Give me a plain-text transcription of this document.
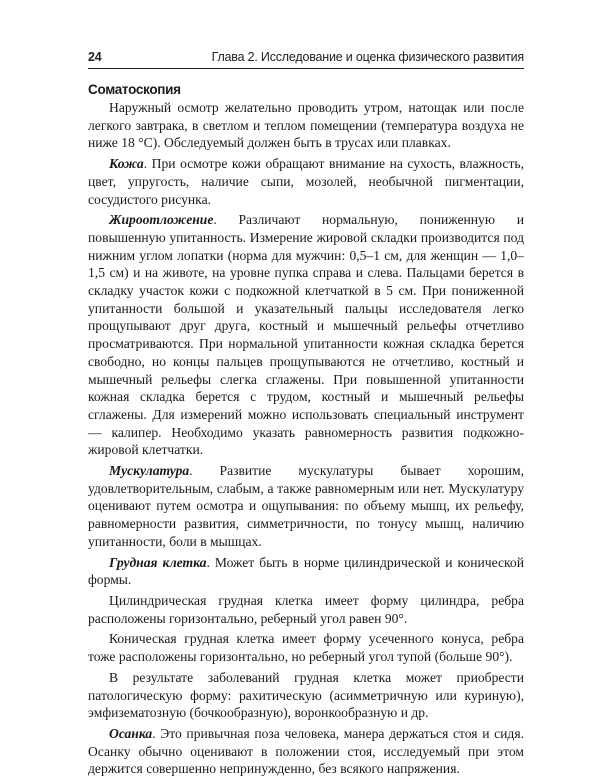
24	Глава 2. Исследование и оценка физического развития
Соматоскопия

Наружный осмотр желательно проводить утром, натощак или после легкого завтрака, в светлом и теплом помещении (температура воздуха не ниже 18 °С). Обследуемый должен быть в трусах или плавках.

Кожа. При осмотре кожи обращают внимание на сухость, влажность, цвет, упругость, наличие сыпи, мозолей, необычной пигментации, сосудистого рисунка.

Жироотложение. Различают нормальную, пониженную и повышенную упитанность. Измерение жировой складки производится под нижним углом лопатки (норма для мужчин: 0,5–1 см, для женщин — 1,0–1,5 см) и на животе, на уровне пупка справа и слева. Пальцами берется в складку участок кожи с подкожной клетчаткой в 5 см. При пониженной упитанности большой и указательный пальцы исследователя легко прощупывают друг друга, костный и мышечный рельефы отчетливо просматриваются. При нормальной упитанности кожная складка берется свободно, но концы пальцев прощупываются не отчетливо, костный и мышечный рельефы слегка сглажены. При повышенной упитанности кожная складка берется с трудом, костный и мышечный рельефы сглажены. Для измерений можно использовать специальный инструмент — калипер. Необходимо указать равномерность развития подкожно-жировой клетчатки.

Мускулатура. Развитие мускулатуры бывает хорошим, удовлетворительным, слабым, а также равномерным или нет. Мускулатуру оценивают путем осмотра и ощупывания: по объему мышц, их рельефу, равномерности развития, симметричности, по тонусу мышц, наличию упитанности, боли в мышцах.

Грудная клетка. Может быть в норме цилиндрической и конической формы.

Цилиндрическая грудная клетка имеет форму цилиндра, ребра расположены горизонтально, реберный угол равен 90°.

Коническая грудная клетка имеет форму усеченного конуса, ребра тоже расположены горизонтально, но реберный угол тупой (больше 90°).

В результате заболеваний грудная клетка может приобрести патологическую форму: рахитическую (асимметричную или куриную), эмфизематозную (бочкообразную), воронкообразную и др.

Осанка. Это привычная поза человека, манера держаться стоя и сидя. Осанку обычно оценивают в положении стоя, исследуемый при этом держится совершенно непринужденно, без всякого напряжения.
